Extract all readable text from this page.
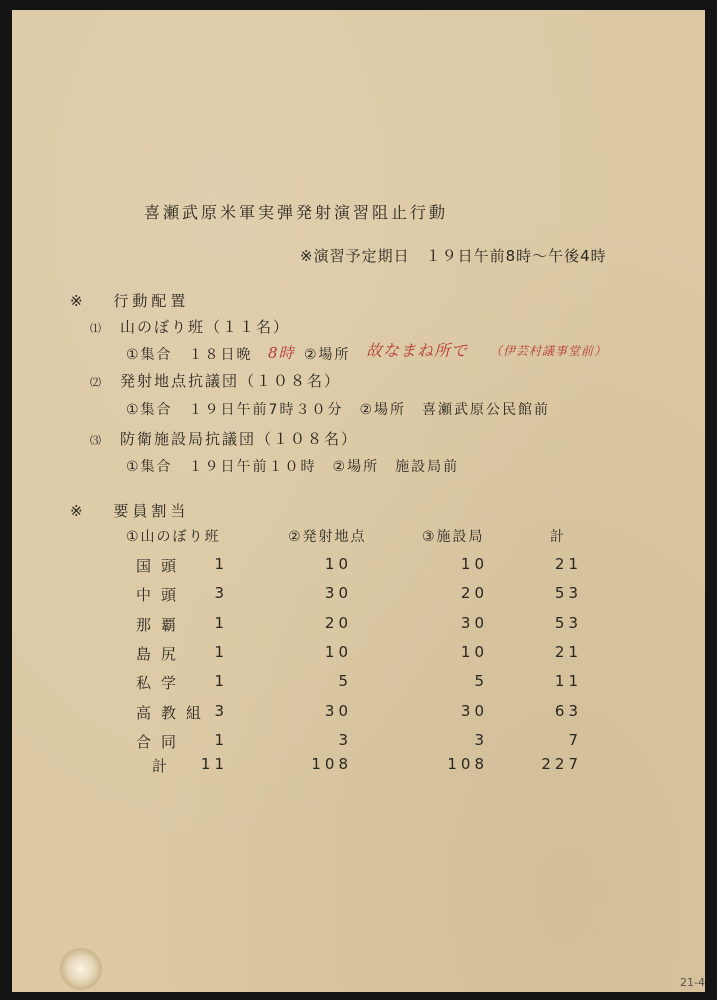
喜瀬武原米軍実弾発射演習阻止行動
※演習予定期日　１９日午前8時～午後4時
※ 行動配置
⑴ 山のぼり班（１１名）
①集合　１８日晩 8時 ②場所 故なまね所で （伊芸村議事堂前）
⑵ 発射地点抗議団（１０８名）
①集合　１９日午前7時３０分　②場所　喜瀬武原公民館前
⑶ 防衛施設局抗議団（１０８名）
①集合　１９日午前１０時　②場所　施設局前
※ 要員割当
①山のぼり班	②発射地点	③施設局	計
国頭	1	10	10	21
中頭	3	30	20	53
那覇	1	20	30	53
島尻	1	10	10	21
私学	1	5	5	11
高教組 3	30	30	63
合同	1	3	3	7
計	11	108	108	227
21-4
